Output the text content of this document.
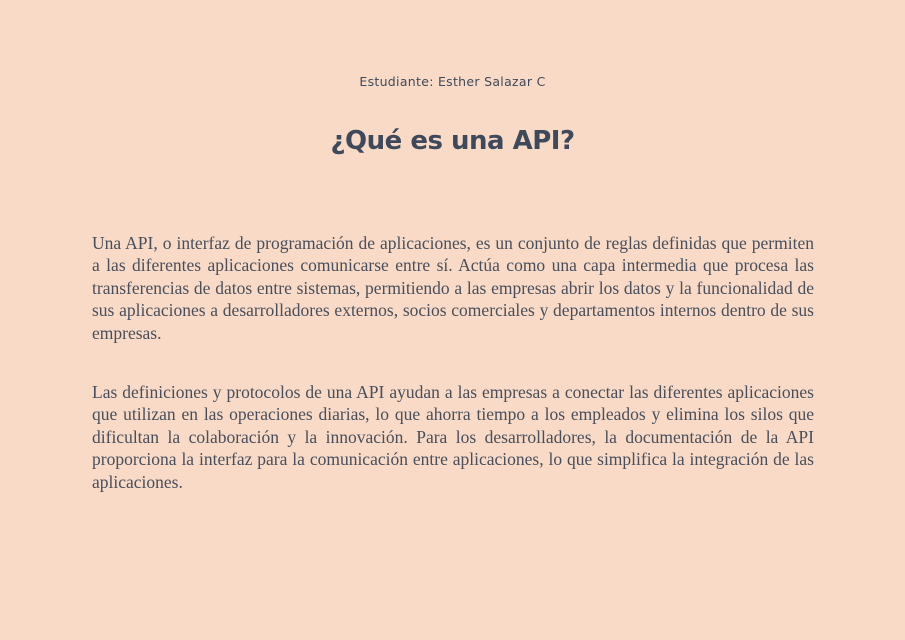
Estudiante: Esther Salazar C
¿Qué es una API?

Una API, o interfaz de programación de aplicaciones, es un conjunto de reglas definidas que permiten a las diferentes aplicaciones comunicarse entre sí. Actúa como una capa intermedia que procesa las transferencias de datos entre sistemas, permitiendo a las empresas abrir los datos y la funcionalidad de sus aplicaciones a desarrolladores externos, socios comerciales y departamentos internos dentro de sus empresas.

Las definiciones y protocolos de una API ayudan a las empresas a conectar las diferentes aplicaciones que utilizan en las operaciones diarias, lo que ahorra tiempo a los empleados y elimina los silos que dificultan la colaboración y la innovación. Para los desarrolladores, la documentación de la API proporciona la interfaz para la comunicación entre aplicaciones, lo que simplifica la integración de las aplicaciones.
